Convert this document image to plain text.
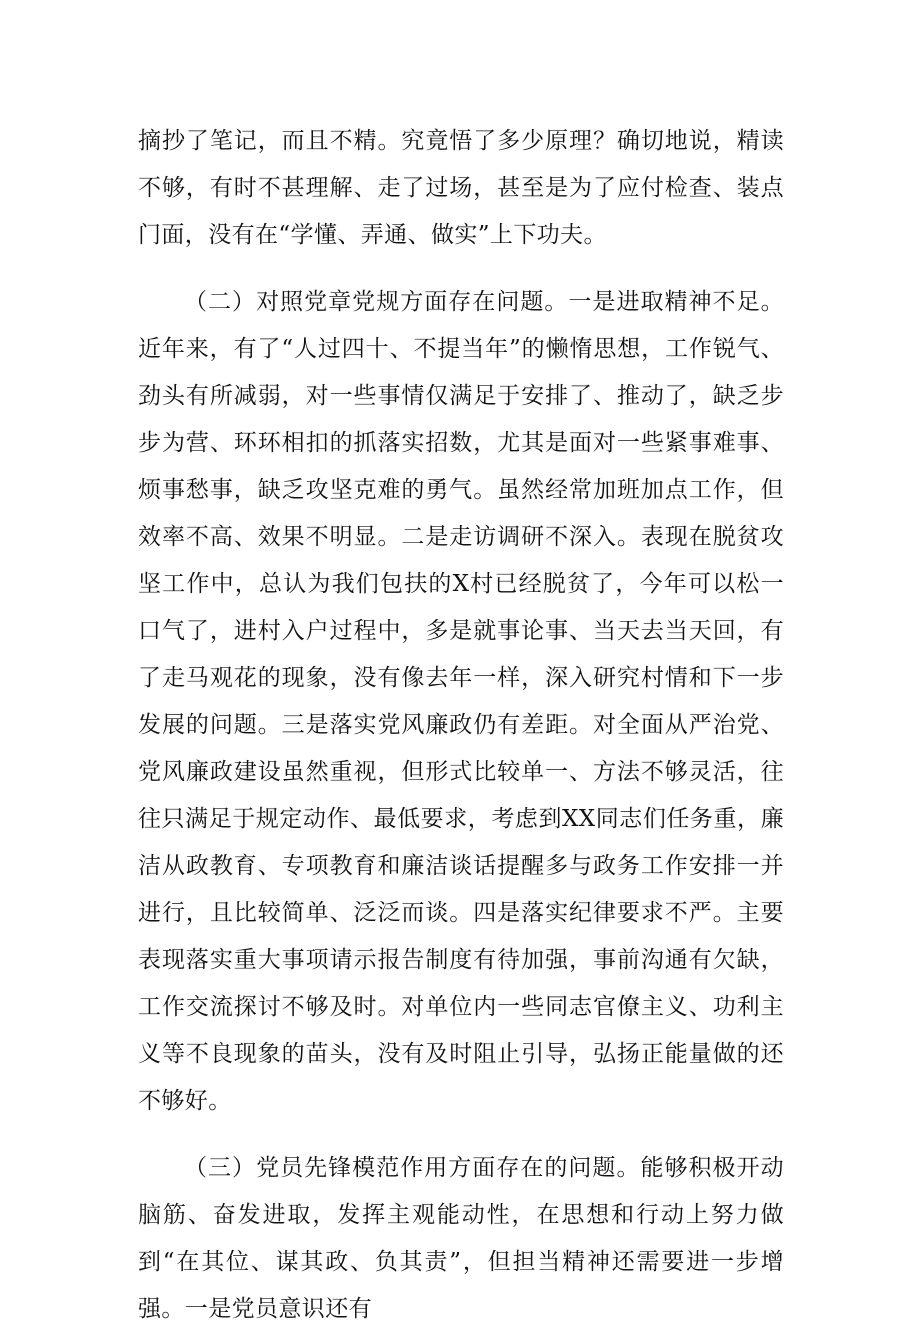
摘抄了笔记，而且不精。究竟悟了多少原理？确切地说，精读不够，有时不甚理解、走了过场，甚至是为了应付检查、装点门面，没有在“学懂、弄通、做实”上下功夫。

（二）对照党章党规方面存在问题。一是进取精神不足。近年来，有了“人过四十、不提当年”的懒惰思想，工作锐气、劲头有所减弱，对一些事情仅满足于安排了、推动了，缺乏步步为营、环环相扣的抓落实招数，尤其是面对一些紧事难事、烦事愁事，缺乏攻坚克难的勇气。虽然经常加班加点工作，但效率不高、效果不明显。二是走访调研不深入。表现在脱贫攻坚工作中，总认为我们包扶的X村已经脱贫了，今年可以松一口气了，进村入户过程中，多是就事论事、当天去当天回，有了走马观花的现象，没有像去年一样，深入研究村情和下一步发展的问题。三是落实党风廉政仍有差距。对全面从严治党、党风廉政建设虽然重视，但形式比较单一、方法不够灵活，往往只满足于规定动作、最低要求，考虑到XX同志们任务重，廉洁从政教育、专项教育和廉洁谈话提醒多与政务工作安排一并进行，且比较简单、泛泛而谈。四是落实纪律要求不严。主要表现落实重大事项请示报告制度有待加强，事前沟通有欠缺，工作交流探讨不够及时。对单位内一些同志官僚主义、功利主义等不良现象的苗头，没有及时阻止引导，弘扬正能量做的还不够好。

（三）党员先锋模范作用方面存在的问题。能够积极开动脑筋、奋发进取，发挥主观能动性，在思想和行动上努力做到“在其位、谋其政、负其责”，但担当精神还需要进一步增强。一是党员意识还有
